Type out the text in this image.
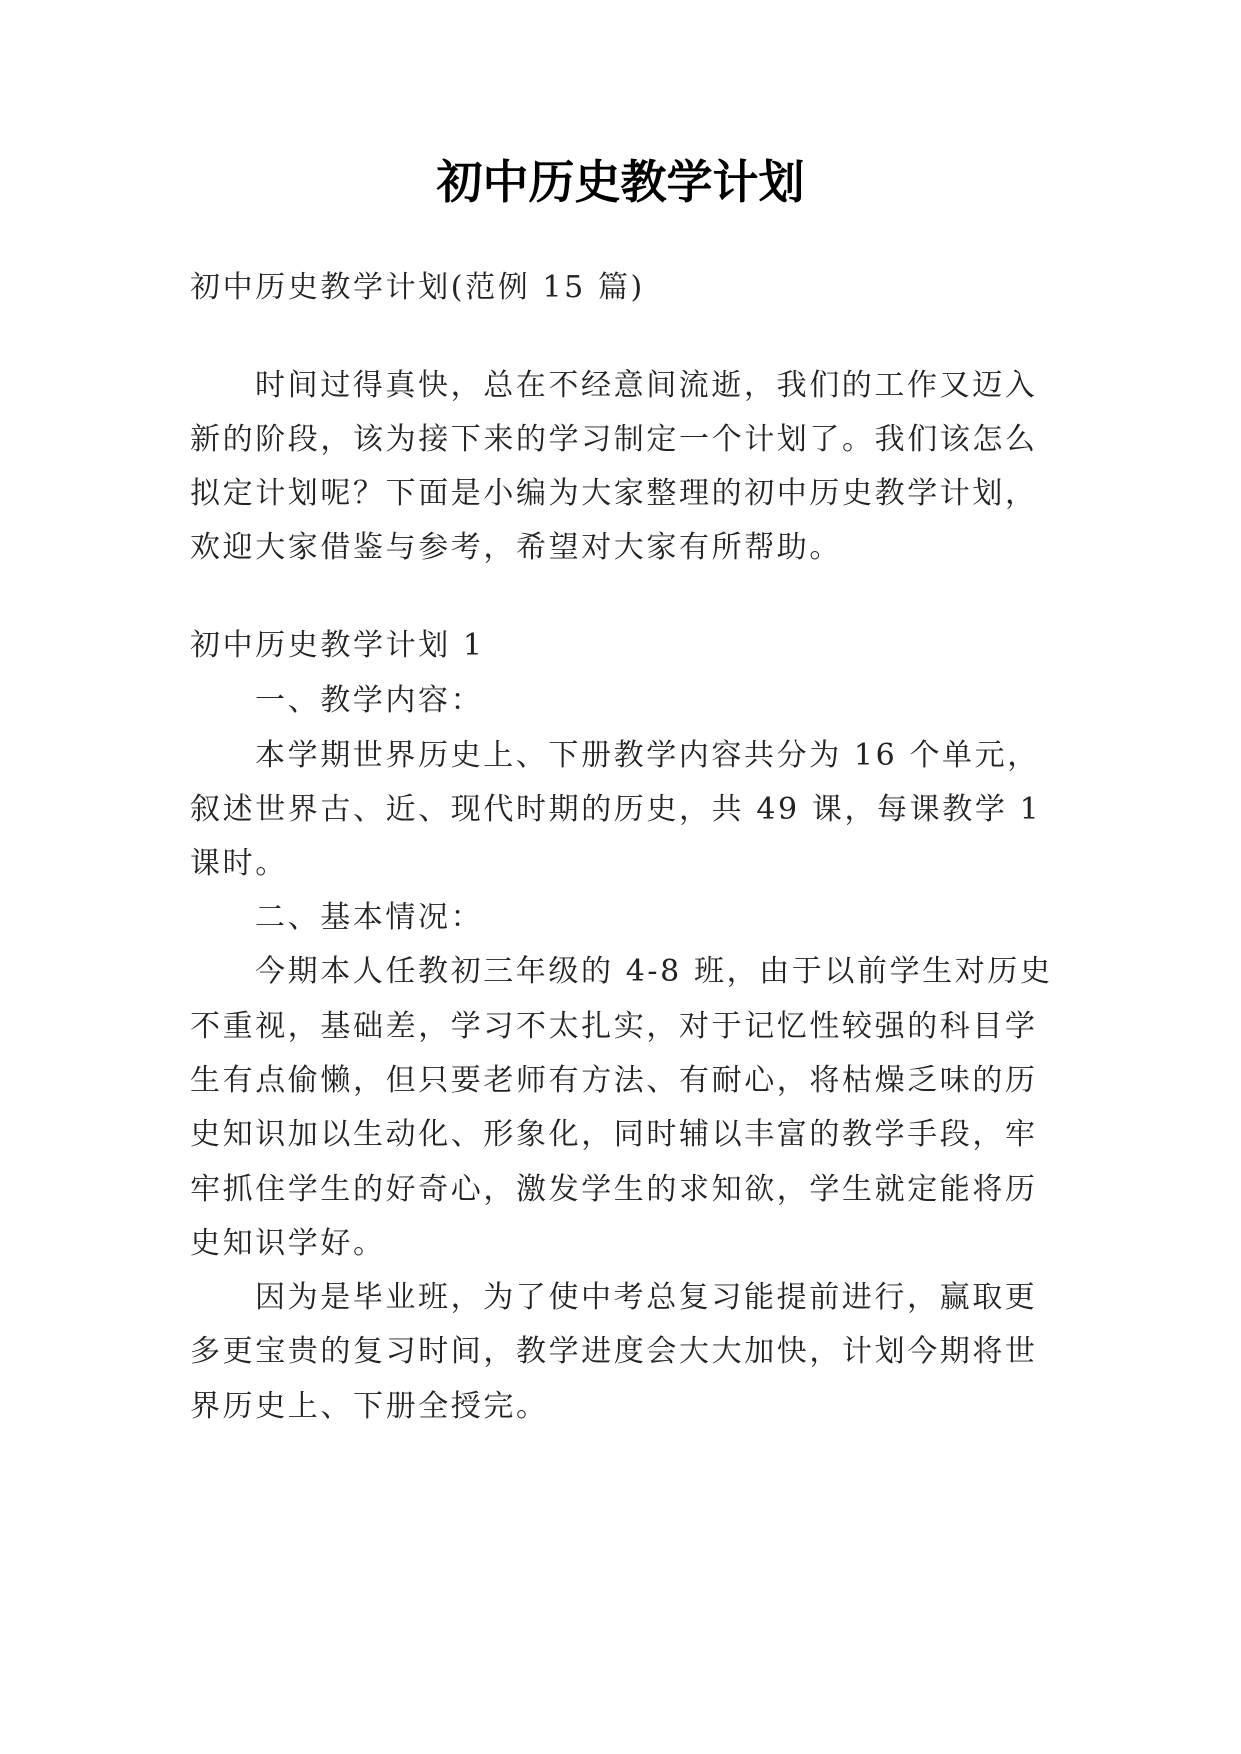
初中历史教学计划

初中历史教学计划(范例 15 篇)

时间过得真快，总在不经意间流逝，我们的工作又迈入

新的阶段，该为接下来的学习制定一个计划了。我们该怎么

拟定计划呢？下面是小编为大家整理的初中历史教学计划，

欢迎大家借鉴与参考，希望对大家有所帮助。

初中历史教学计划 1

一、教学内容：

本学期世界历史上、下册教学内容共分为 16 个单元，

叙述世界古、近、现代时期的历史，共 49 课，每课教学 1

课时。

二、基本情况：

今期本人任教初三年级的 4-8 班，由于以前学生对历史

不重视，基础差，学习不太扎实，对于记忆性较强的科目学

生有点偷懒，但只要老师有方法、有耐心，将枯燥乏味的历

史知识加以生动化、形象化，同时辅以丰富的教学手段，牢

牢抓住学生的好奇心，激发学生的求知欲，学生就定能将历

史知识学好。

因为是毕业班，为了使中考总复习能提前进行，赢取更

多更宝贵的复习时间，教学进度会大大加快，计划今期将世

界历史上、下册全授完。
